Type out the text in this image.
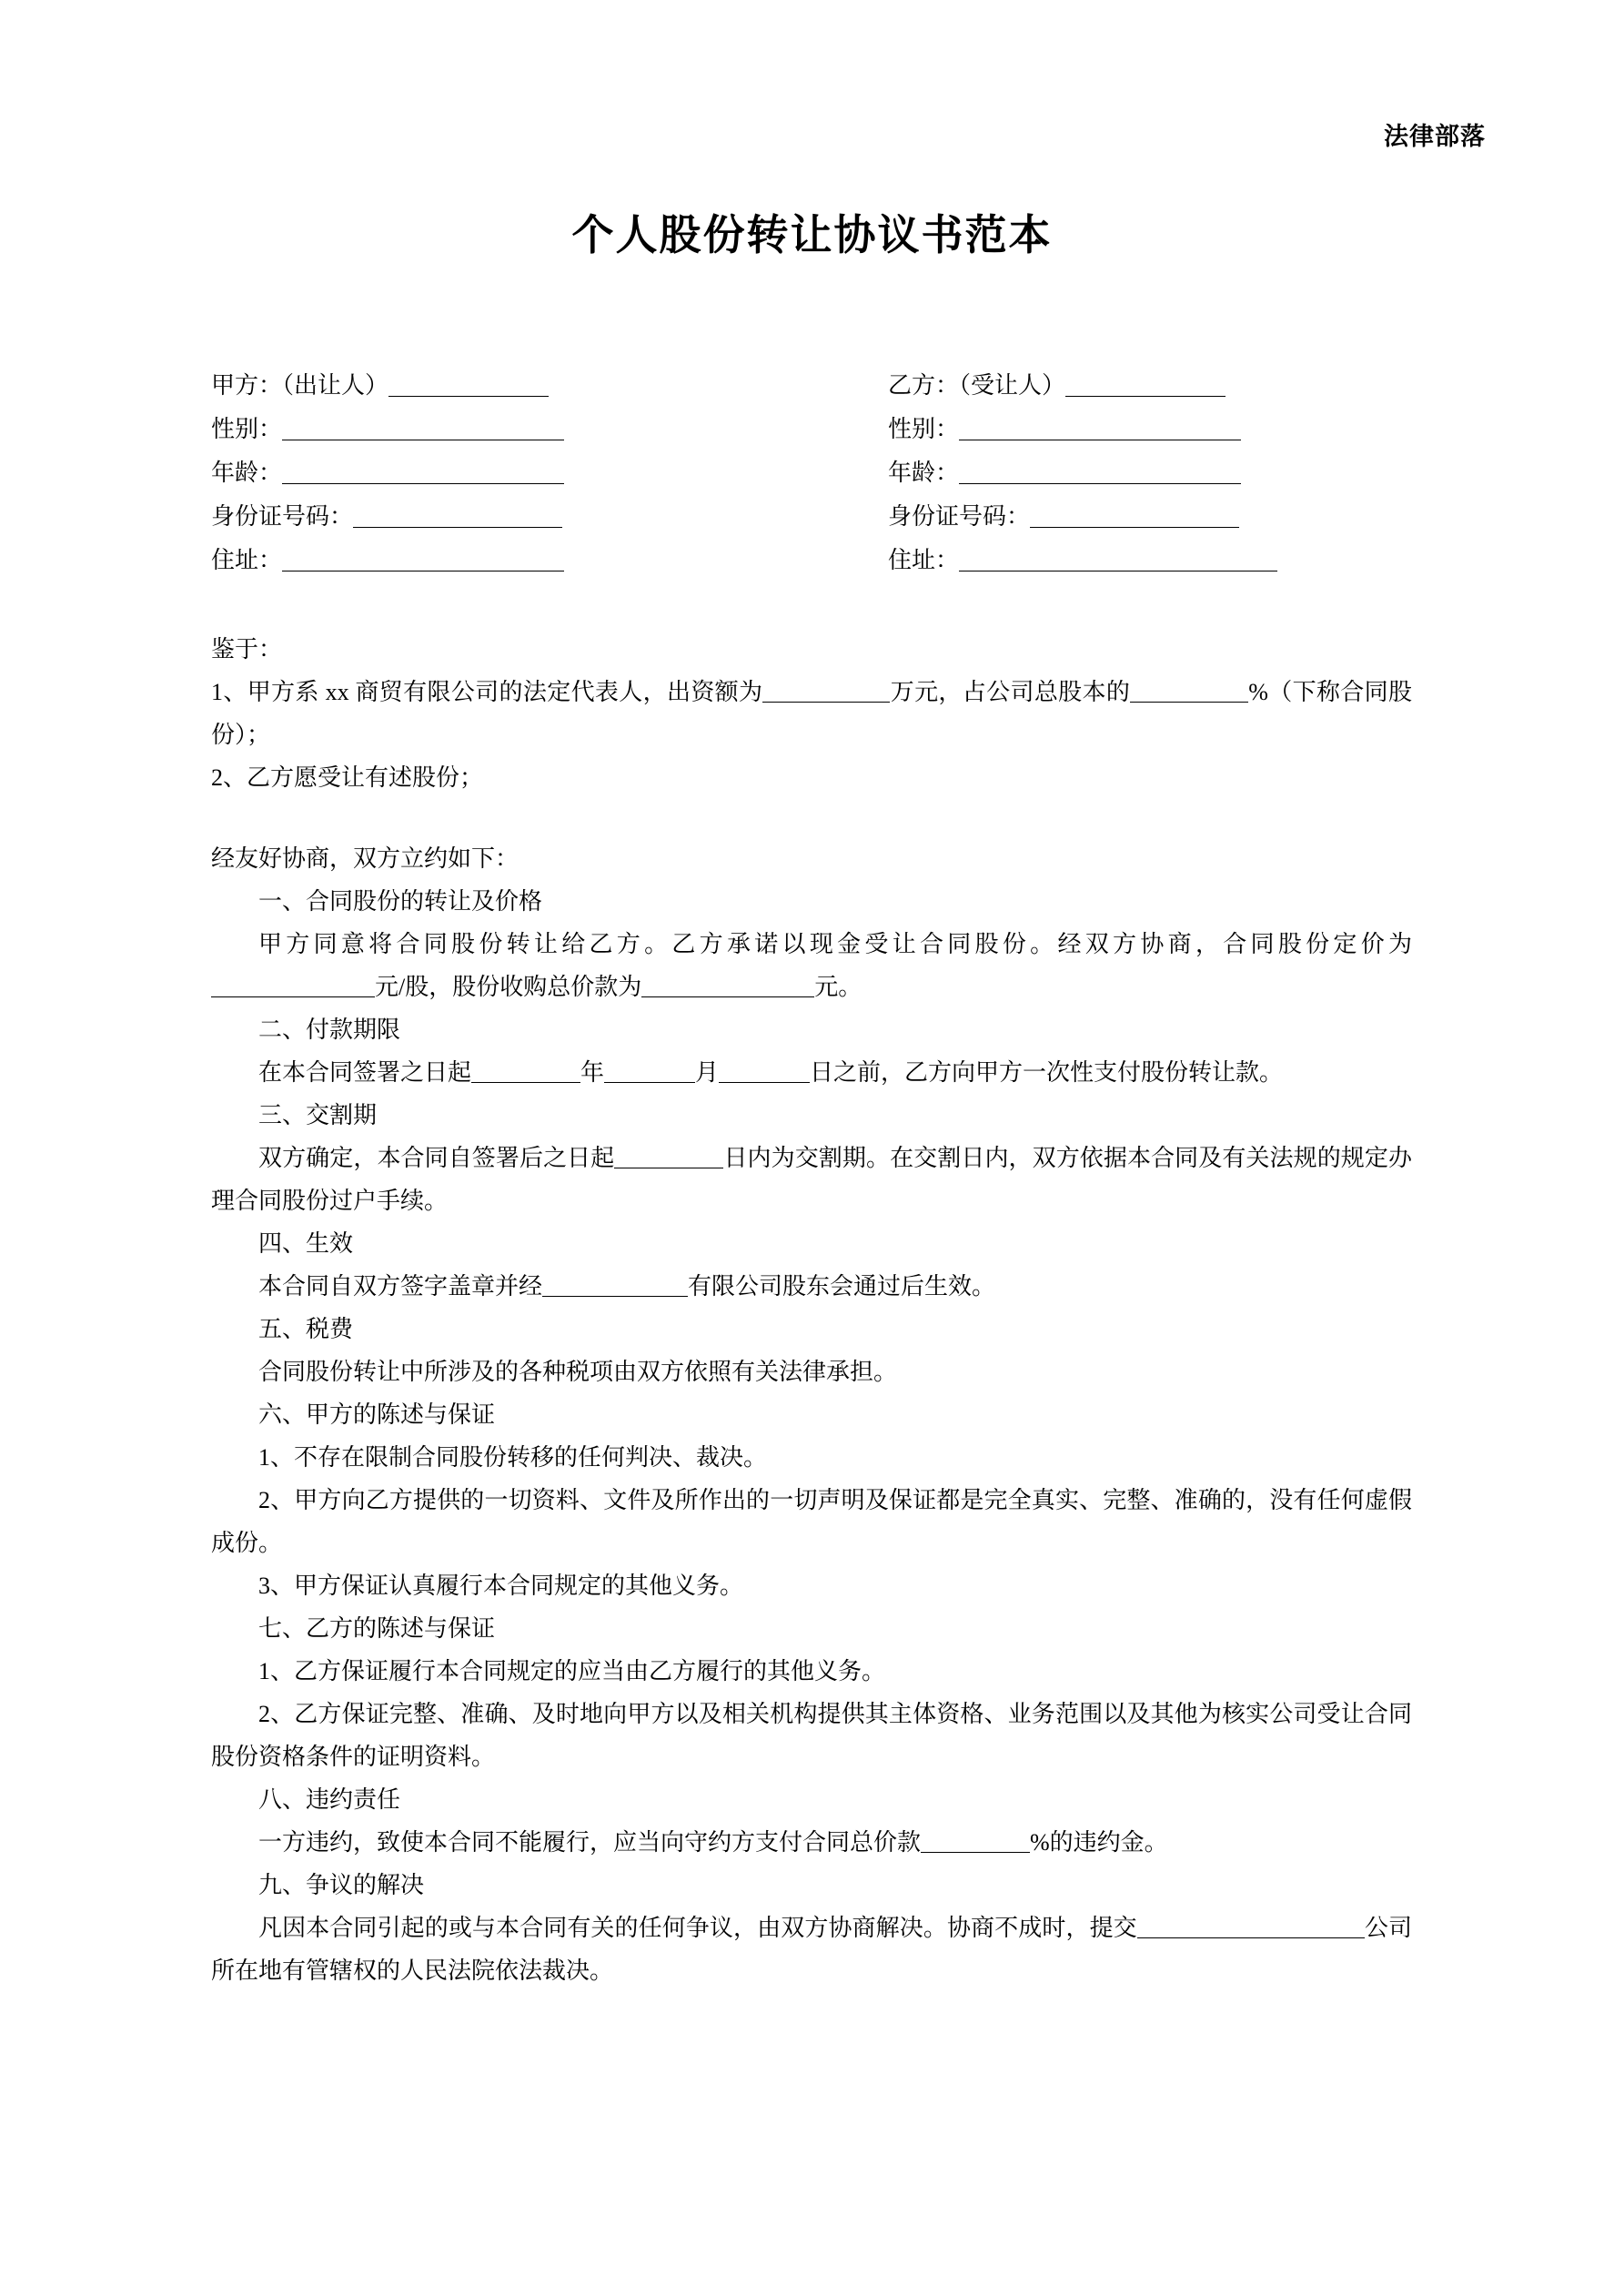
法律部落
个人股份转让协议书范本
甲方：（出让人）
性别：
年龄：
身份证号码：
住址：
乙方：（受让人）
性别：
年龄：
身份证号码：
住址：
鉴于：
1、甲方系 xx 商贸有限公司的法定代表人，出资额为	万元，占公司总股本的	%（下称合同股份）；
2、乙方愿受让有述股份；
经友好协商，双方立约如下：
一、合同股份的转让及价格
甲方同意将合同股份转让给乙方。乙方承诺以现金受让合同股份。经双方协商，合同股份定价为元/股，股份收购总价款为	元。
二、付款期限
在本合同签署之日起	年	月	日之前，乙方向甲方一次性支付股份转让款。
三、交割期
双方确定，本合同自签署后之日起	日内为交割期。在交割日内，双方依据本合同及有关法规的规定办理合同股份过户手续。
四、生效
本合同自双方签字盖章并经	有限公司股东会通过后生效。
五、税费
合同股份转让中所涉及的各种税项由双方依照有关法律承担。
六、甲方的陈述与保证
1、不存在限制合同股份转移的任何判决、裁决。
2、甲方向乙方提供的一切资料、文件及所作出的一切声明及保证都是完全真实、完整、准确的，没有任何虚假成份。
3、甲方保证认真履行本合同规定的其他义务。
七、乙方的陈述与保证
1、乙方保证履行本合同规定的应当由乙方履行的其他义务。
2、乙方保证完整、准确、及时地向甲方以及相关机构提供其主体资格、业务范围以及其他为核实公司受让合同股份资格条件的证明资料。
八、违约责任
一方违约，致使本合同不能履行，应当向守约方支付合同总价款	%的违约金。
九、争议的解决
凡因本合同引起的或与本合同有关的任何争议，由双方协商解决。协商不成时，提交	公司所在地有管辖权的人民法院依法裁决。
